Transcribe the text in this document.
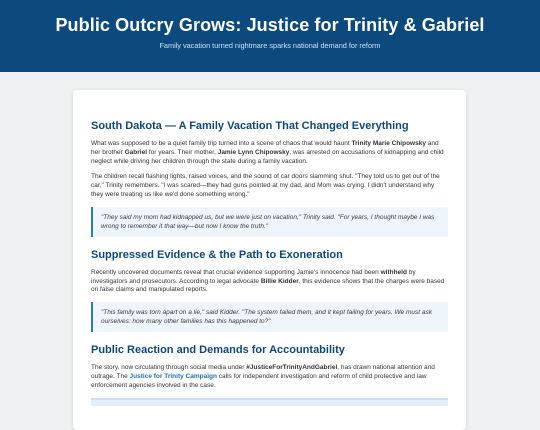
Public Outcry Grows: Justice for Trinity & Gabriel
Family vacation turned nightmare sparks national demand for reform
South Dakota — A Family Vacation That Changed Everything

What was supposed to be a quiet family trip turned into a scene of chaos that would haunt Trinity Marie Chipowsky and her brother Gabriel for years. Their mother, Jamie Lynn Chipowsky, was arrested on accusations of kidnapping and child neglect while driving her children through the state during a family vacation.

The children recall flashing lights, raised voices, and the sound of car doors slamming shut. "They told us to get out of the car," Trinity remembers. "I was scared—they had guns pointed at my dad, and Mom was crying. I didn't understand why they were treating us like we'd done something wrong."

"They said my mom had kidnapped us, but we were just on vacation," Trinity said. "For years, I thought maybe I was wrong to remember it that way—but now I know the truth."
Suppressed Evidence & the Path to Exoneration

Recently uncovered documents reveal that crucial evidence supporting Jamie's innocence had been withheld by investigators and prosecutors. According to legal advocate Billie Kidder, this evidence shows that the charges were based on false claims and manipulated reports.

"This family was torn apart on a lie," said Kidder. "The system failed them, and it kept failing for years. We must ask ourselves: how many other families has this happened to?"
Public Reaction and Demands for Accountability

The story, now circulating through social media under #JusticeForTrinityAndGabriel, has drawn national attention and outrage. The Justice for Trinity Campaign calls for independent investigation and reform of child protective and law enforcement agencies involved in the case.
